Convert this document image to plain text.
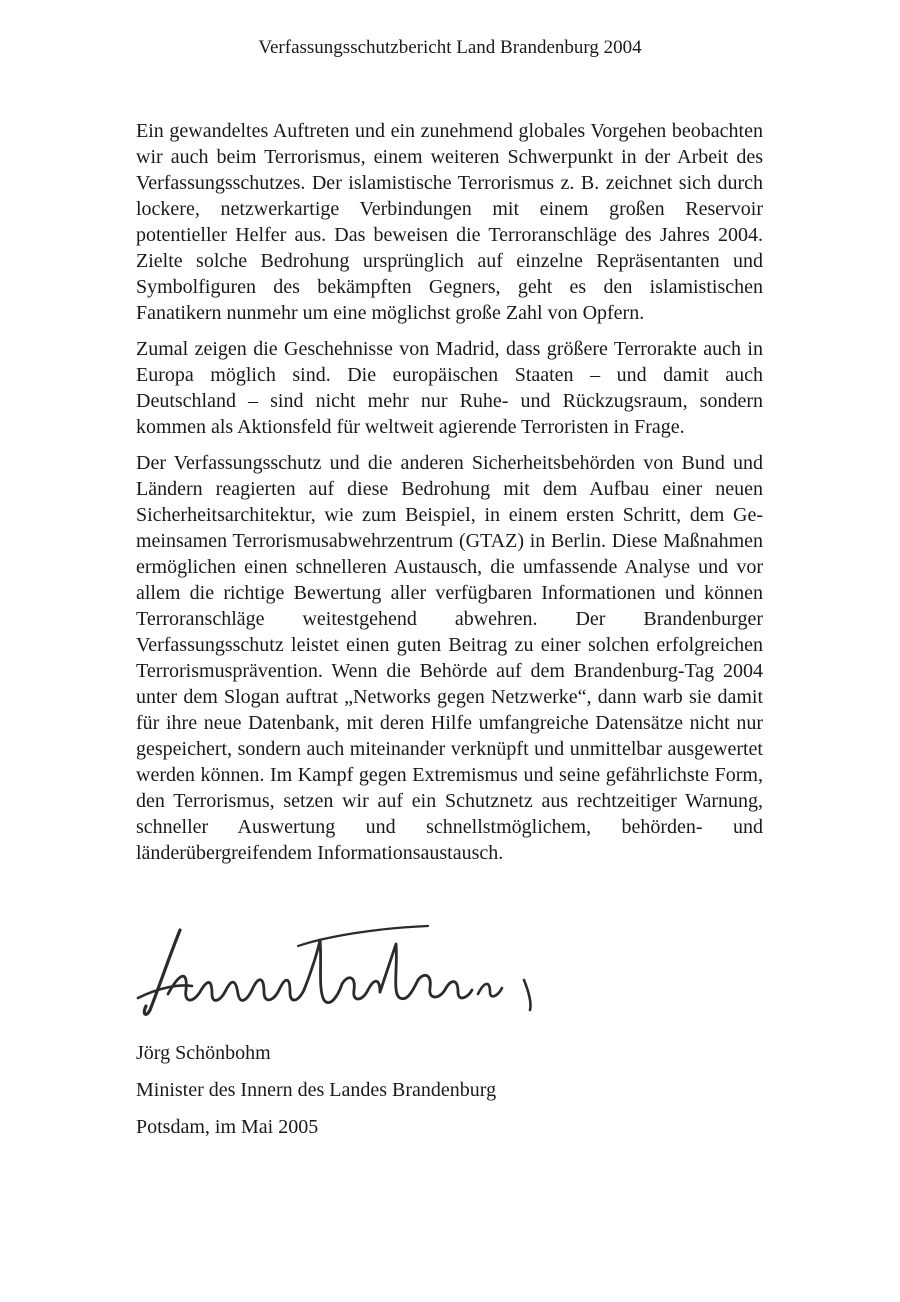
Verfassungsschutzbericht Land Brandenburg 2004

Ein gewandeltes Auftreten und ein zunehmend globales Vorgehen beobachten wir auch beim Terrorismus, einem weiteren Schwerpunkt in der Arbeit des Verfassungsschutzes. Der islamistische Terrorismus z. B. zeichnet sich durch lockere, netzwerkartige Verbindungen mit einem großen Reservoir potentieller Helfer aus. Das beweisen die Terroranschläge des Jahres 2004. Zielte solche Bedrohung ursprünglich auf einzelne Repräsentanten und Symbolfiguren des bekämpften Gegners, geht es den islamistischen Fanatikern nunmehr um eine möglichst große Zahl von Opfern.

Zumal zeigen die Geschehnisse von Madrid, dass größere Terrorakte auch in Europa möglich sind. Die europäischen Staaten – und damit auch Deutschland – sind nicht mehr nur Ruhe- und Rückzugsraum, sondern kommen als Aktionsfeld für weltweit agierende Terroristen in Frage.

Der Verfassungsschutz und die anderen Sicherheitsbehörden von Bund und Ländern reagierten auf diese Bedrohung mit dem Aufbau einer neuen Sicherheitsarchitektur, wie zum Beispiel, in einem ersten Schritt, dem Gemeinsamen Terrorismusabwehrzentrum (GTAZ) in Berlin. Diese Maßnahmen ermöglichen einen schnelleren Austausch, die umfassende Analyse und vor allem die richtige Bewertung aller verfügbaren Informationen und können Terroranschläge weitestgehend abwehren. Der Brandenburger Verfassungsschutz leistet einen guten Beitrag zu einer solchen erfolgreichen Terrorismusprävention. Wenn die Behörde auf dem Brandenburg-Tag 2004 unter dem Slogan auftrat „Networks gegen Netzwerke“, dann warb sie damit für ihre neue Datenbank, mit deren Hilfe umfangreiche Datensätze nicht nur gespeichert, sondern auch miteinander verknüpft und unmittelbar ausgewertet werden können. Im Kampf gegen Extremismus und seine gefährlichste Form, den Terrorismus, setzen wir auf ein Schutznetz aus rechtzeitiger Warnung, schneller Auswertung und schnellstmöglichem, behörden- und länderübergreifendem Informationsaustausch.

Jörg Schönbohm
Minister des Innern des Landes Brandenburg
Potsdam, im Mai 2005
